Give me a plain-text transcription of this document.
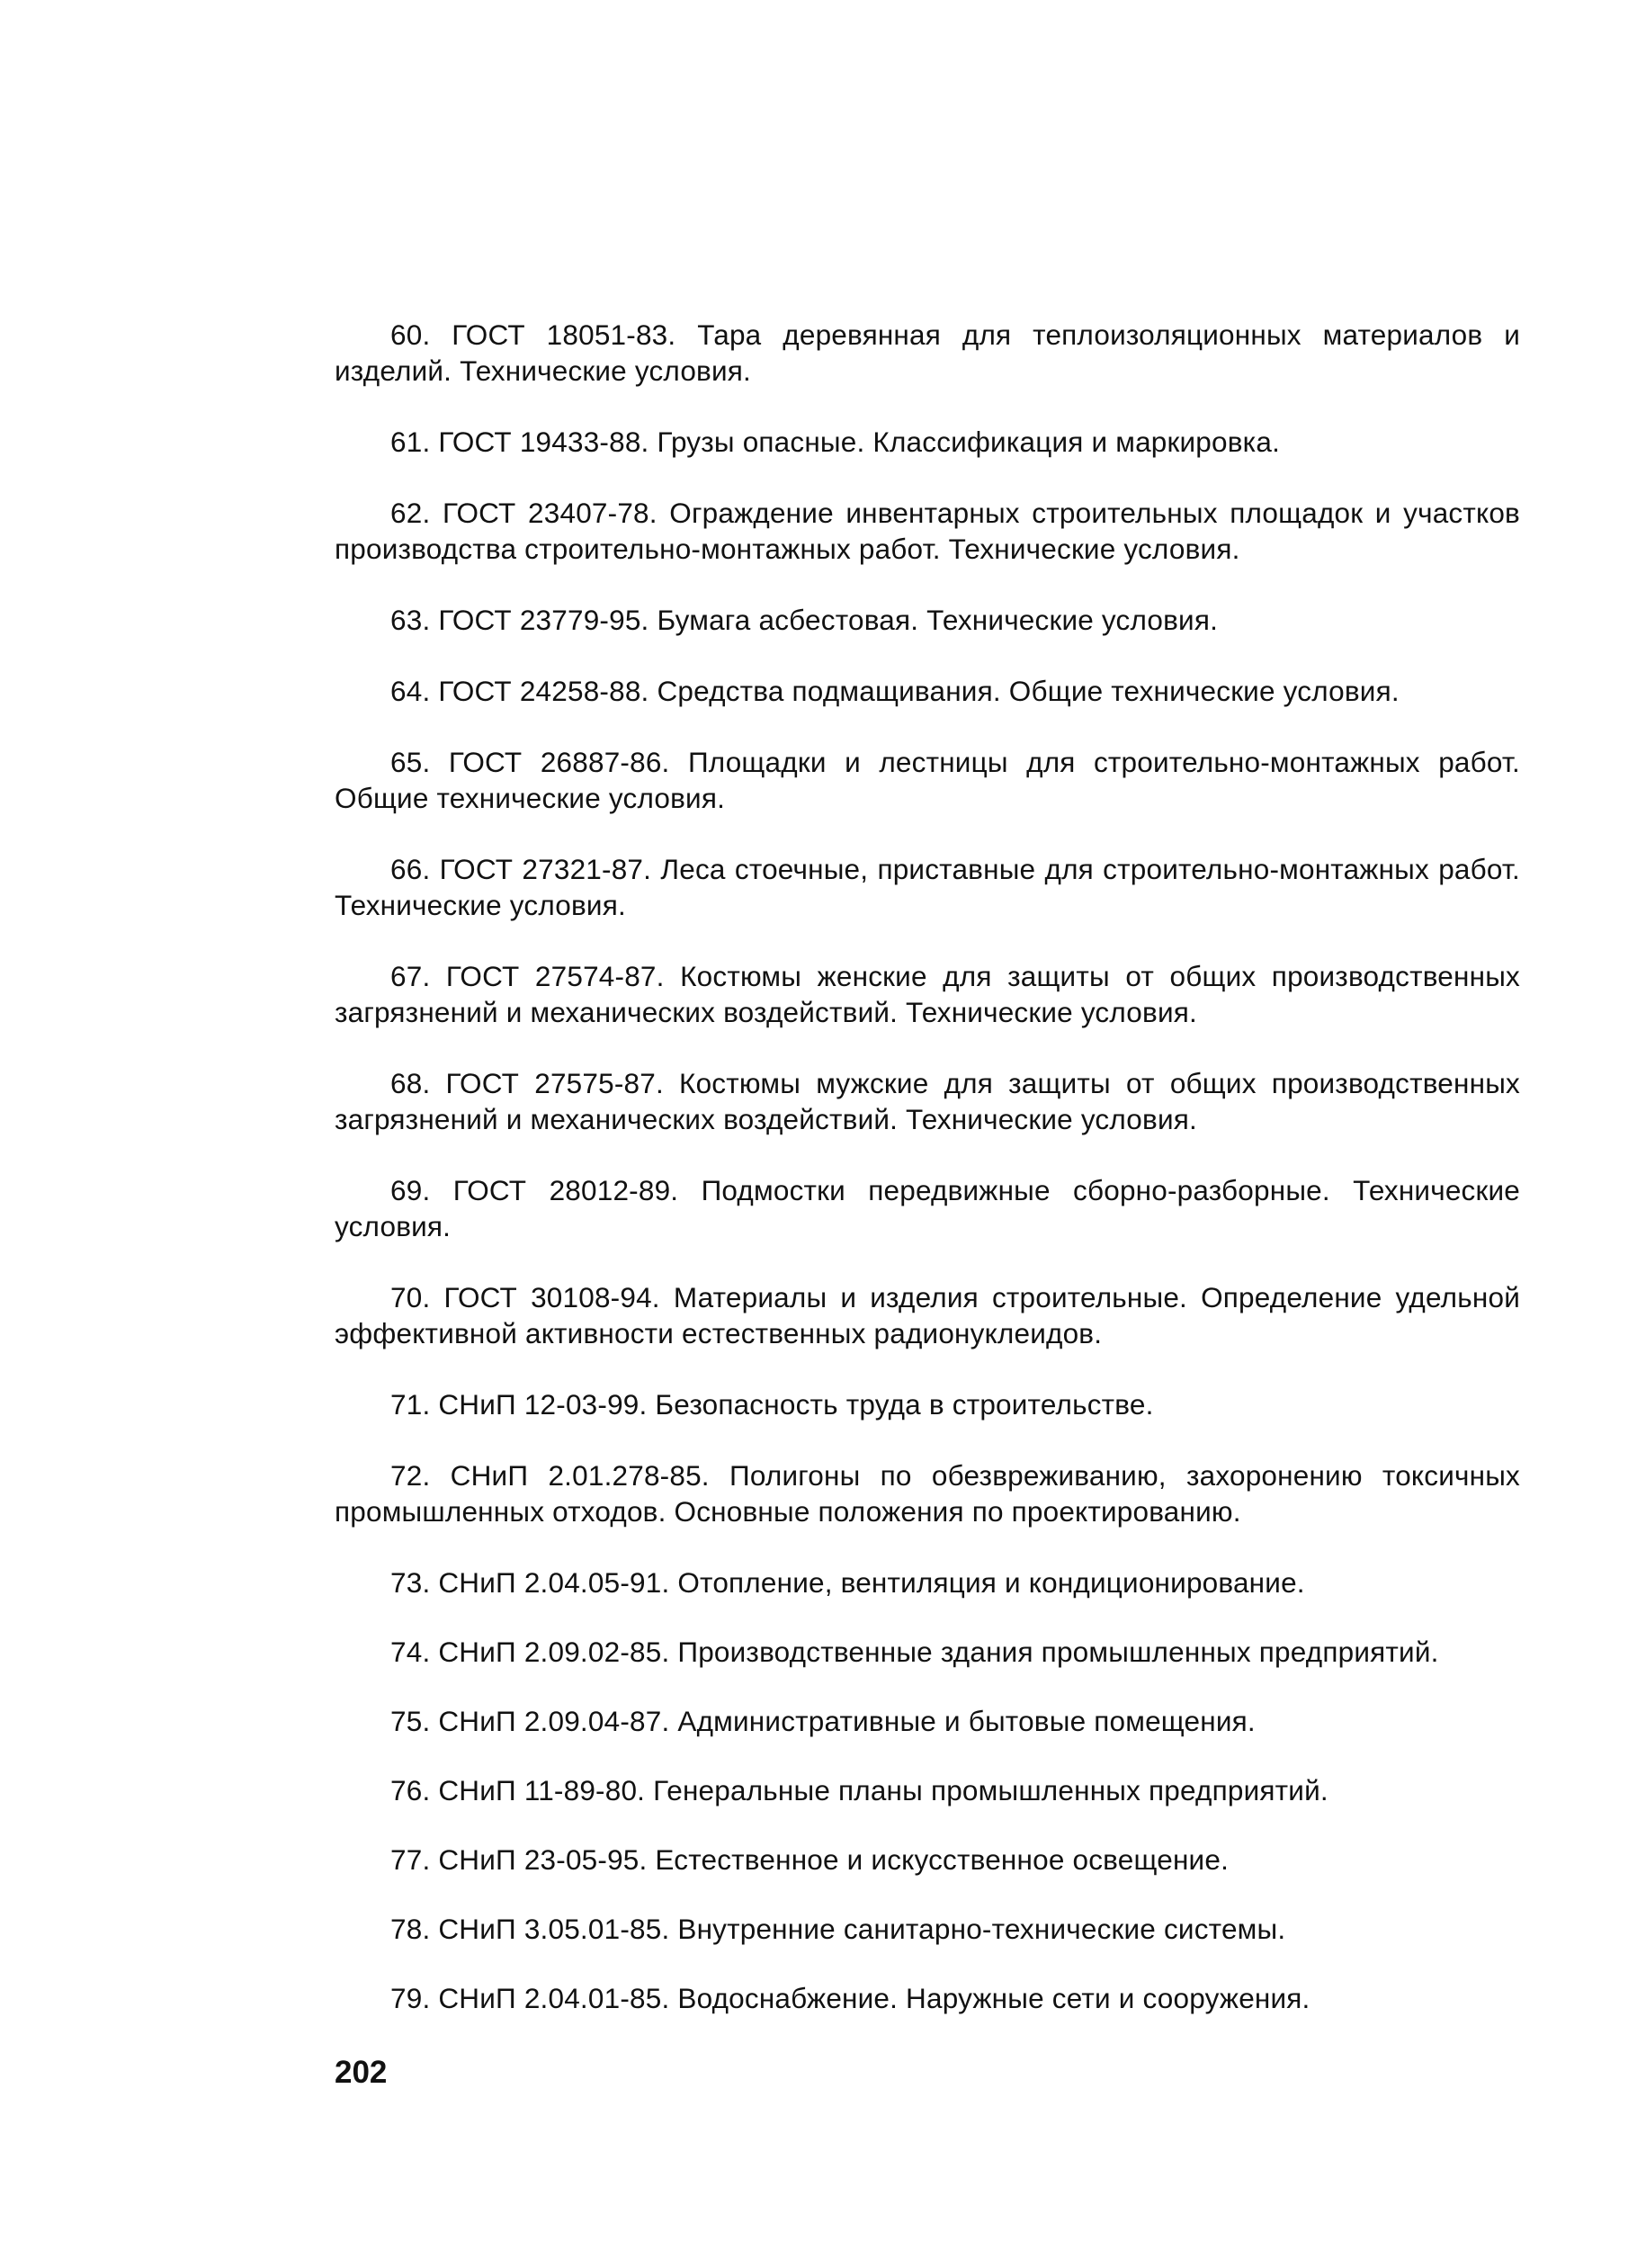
60. ГОСТ 18051-83. Тара деревянная для теплоизоляционных материалов и изделий. Технические условия.

61. ГОСТ 19433-88. Грузы опасные. Классификация и маркировка.

62. ГОСТ 23407-78. Ограждение инвентарных строительных площадок и участков производства строительно-монтажных работ. Технические условия.

63. ГОСТ 23779-95. Бумага асбестовая. Технические условия.

64. ГОСТ 24258-88. Средства подмащивания. Общие технические условия.

65. ГОСТ 26887-86. Площадки и лестницы для строительно-монтажных работ. Общие технические условия.

66. ГОСТ 27321-87. Леса стоечные, приставные для строительно-монтажных работ. Технические условия.

67. ГОСТ 27574-87. Костюмы женские для защиты от общих производственных загрязнений и механических воздействий. Технические условия.

68. ГОСТ 27575-87. Костюмы мужские для защиты от общих производственных загрязнений и механических воздействий. Технические условия.

69. ГОСТ 28012-89. Подмостки передвижные сборно-разборные. Технические условия.

70. ГОСТ 30108-94. Материалы и изделия строительные. Определение удельной эффективной активности естественных радионуклеидов.

71. СНиП 12-03-99. Безопасность труда в строительстве.

72. СНиП 2.01.278-85. Полигоны по обезвреживанию, захоронению токсичных промышленных отходов. Основные положения по проектированию.

73. СНиП 2.04.05-91. Отопление, вентиляция и кондиционирование.

74. СНиП 2.09.02-85. Производственные здания промышленных предприятий.

75. СНиП 2.09.04-87. Административные и бытовые помещения.

76. СНиП 11-89-80. Генеральные планы промышленных предприятий.

77. СНиП 23-05-95. Естественное и искусственное освещение.

78. СНиП 3.05.01-85. Внутренние санитарно-технические системы.

79. СНиП 2.04.01-85. Водоснабжение. Наружные сети и сооружения.

202
